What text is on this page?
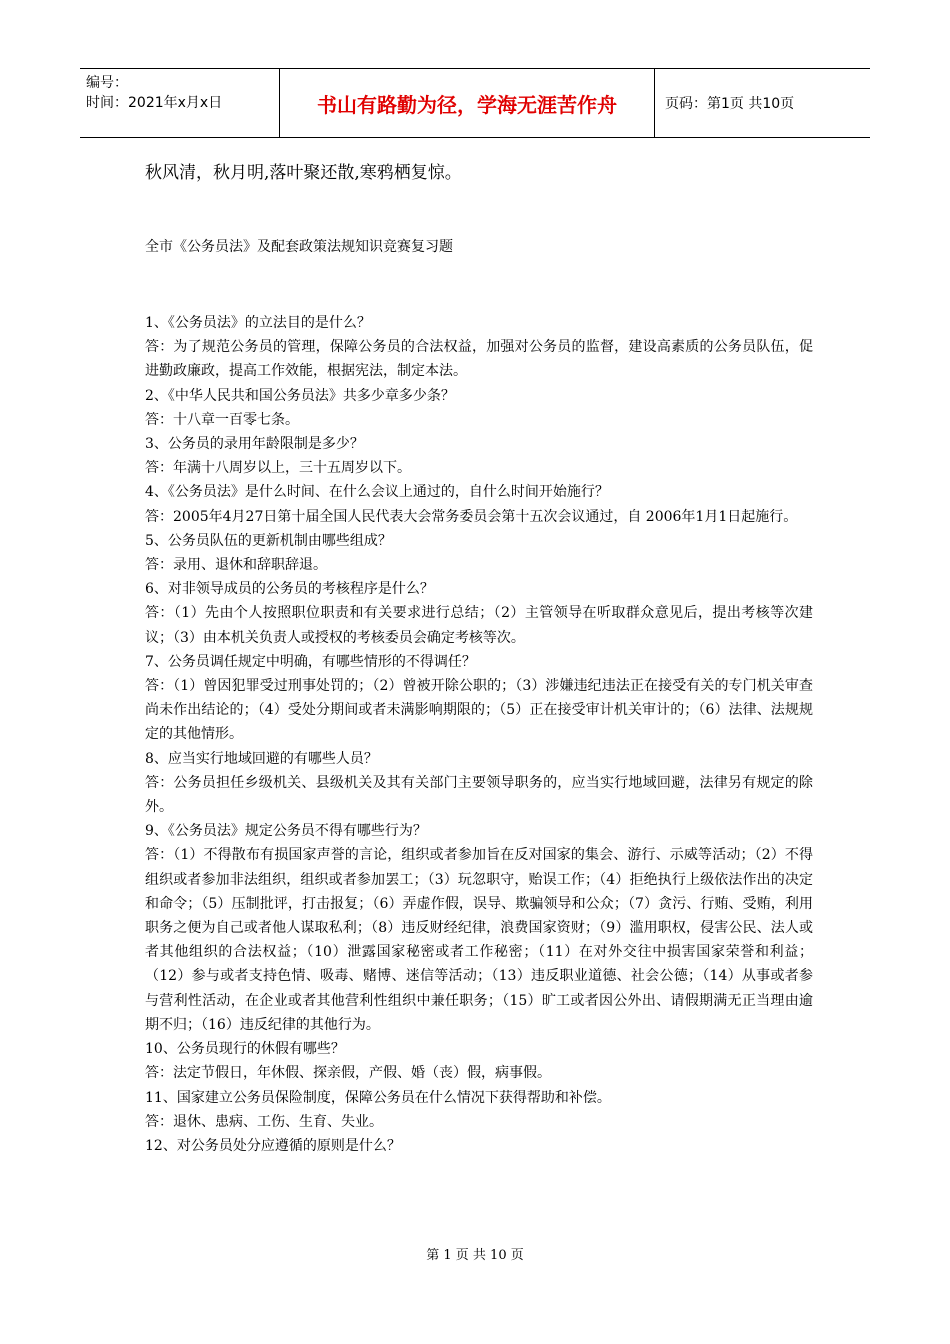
编号：
时间：2021年x月x日	书山有路勤为径，学海无涯苦作舟	页码：第1页 共10页
秋风清，秋月明,落叶聚还散,寒鸦栖复惊。
全市《公务员法》及配套政策法规知识竞赛复习题

1、《公务员法》的立法目的是什么？

答：为了规范公务员的管理，保障公务员的合法权益，加强对公务员的监督，建设高素质的公务员队伍，促进勤政廉政，提高工作效能，根据宪法，制定本法。

2、《中华人民共和国公务员法》共多少章多少条？

答：十八章一百零七条。

3、公务员的录用年龄限制是多少？

答：年满十八周岁以上，三十五周岁以下。

4、《公务员法》是什么时间、在什么会议上通过的，自什么时间开始施行？

答：2005年4月27日第十届全国人民代表大会常务委员会第十五次会议通过，自 2006年1月1日起施行。

5、公务员队伍的更新机制由哪些组成？

答：录用、退休和辞职辞退。

6、对非领导成员的公务员的考核程序是什么？

答：（1）先由个人按照职位职责和有关要求进行总结；（2）主管领导在听取群众意见后，提出考核等次建议；（3）由本机关负责人或授权的考核委员会确定考核等次。

7、公务员调任规定中明确，有哪些情形的不得调任？

答：（1）曾因犯罪受过刑事处罚的；（2）曾被开除公职的；（3）涉嫌违纪违法正在接受有关的专门机关审查尚未作出结论的；（4）受处分期间或者未满影响期限的；（5）正在接受审计机关审计的；（6）法律、法规规定的其他情形。

8、应当实行地域回避的有哪些人员？

答：公务员担任乡级机关、县级机关及其有关部门主要领导职务的，应当实行地域回避，法律另有规定的除外。

9、《公务员法》规定公务员不得有哪些行为？

答：（1）不得散布有损国家声誉的言论，组织或者参加旨在反对国家的集会、游行、示威等活动；（2）不得组织或者参加非法组织，组织或者参加罢工；（3）玩忽职守，贻误工作；（4）拒绝执行上级依法作出的决定和命令；（5）压制批评，打击报复；（6）弄虚作假，误导、欺骗领导和公众；（7）贪污、行贿、受贿，利用职务之便为自己或者他人谋取私利；（8）违反财经纪律，浪费国家资财；（9）滥用职权，侵害公民、法人或者其他组织的合法权益；（10）泄露国家秘密或者工作秘密；（11）在对外交往中损害国家荣誉和利益；（12）参与或者支持色情、吸毒、赌博、迷信等活动；（13）违反职业道德、社会公德；（14）从事或者参与营利性活动，在企业或者其他营利性组织中兼任职务；（15）旷工或者因公外出、请假期满无正当理由逾期不归；（16）违反纪律的其他行为。

10、公务员现行的休假有哪些？

答：法定节假日，年休假、探亲假，产假、婚（丧）假，病事假。

11、国家建立公务员保险制度，保障公务员在什么情况下获得帮助和补偿。

答：退休、患病、工伤、生育、失业。

12、对公务员处分应遵循的原则是什么？

第 1 页 共 10 页
